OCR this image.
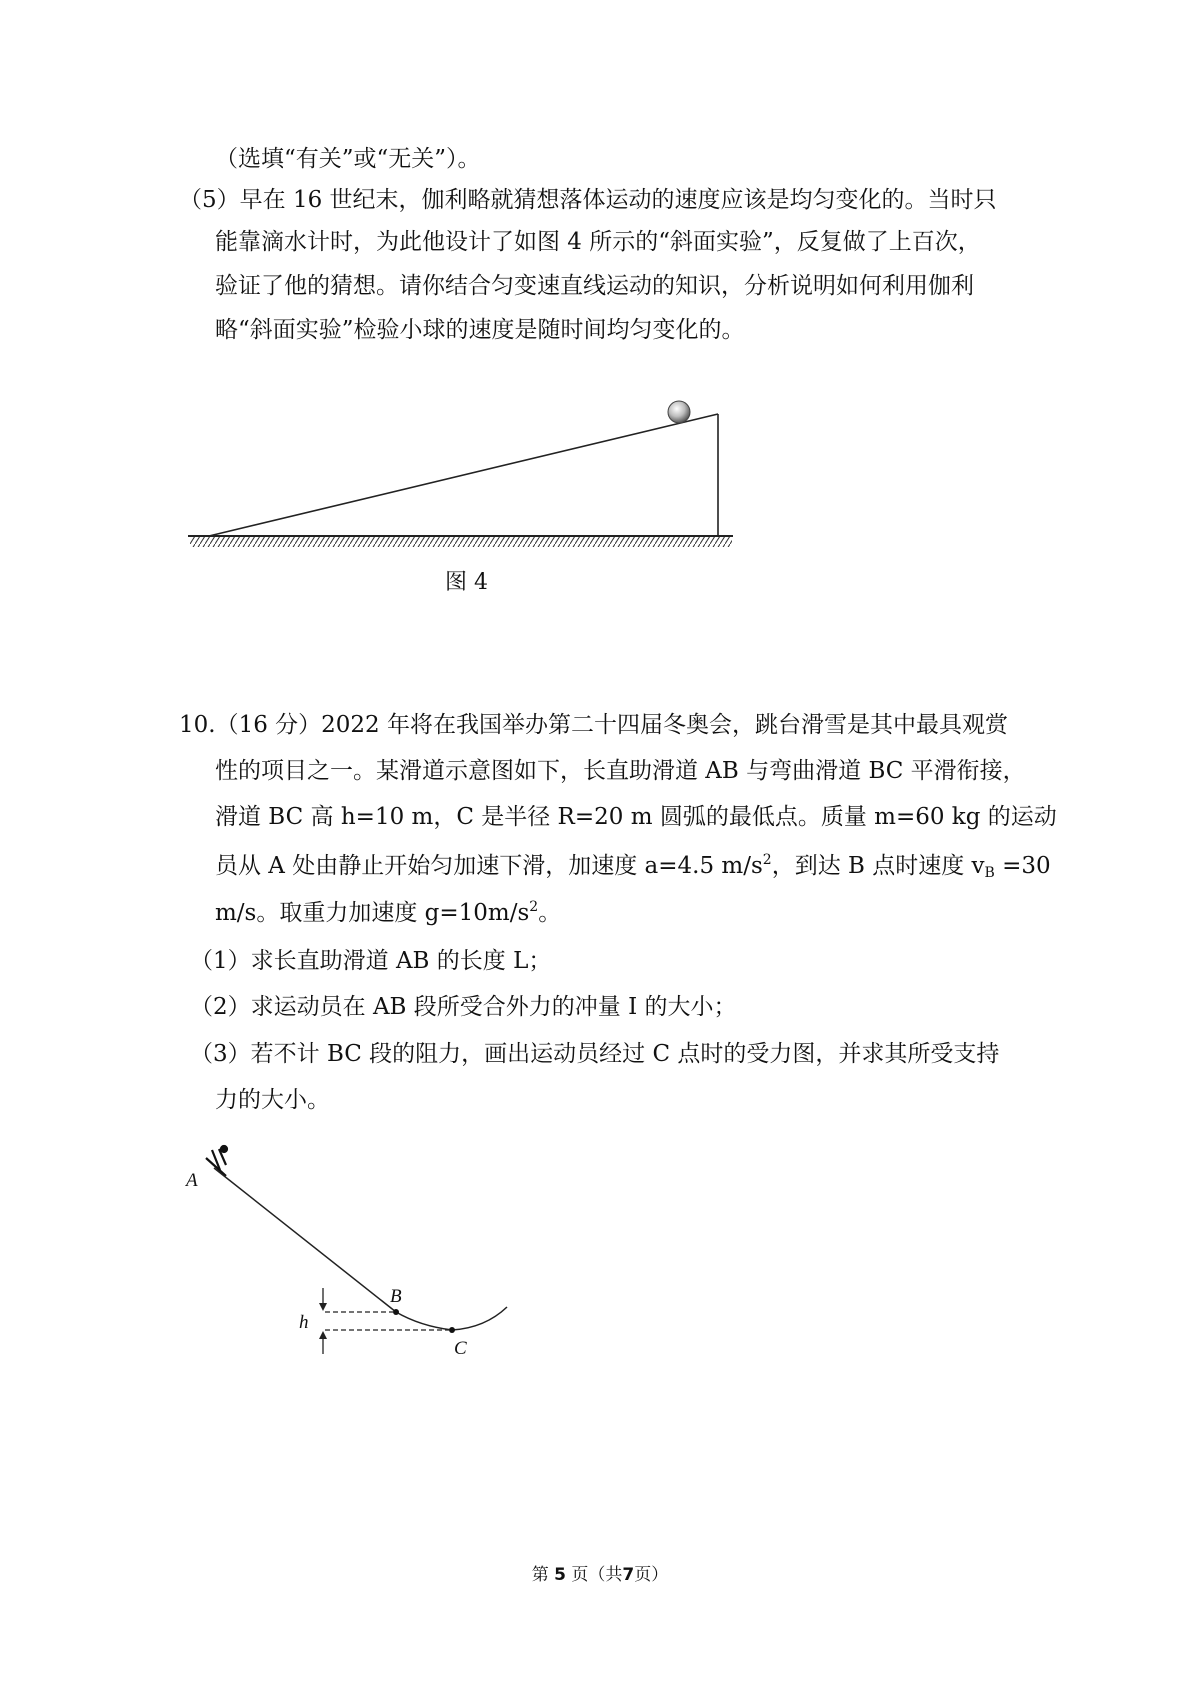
（选填“有关”或“无关”）。
（5）早在 16 世纪末，伽利略就猜想落体运动的速度应该是均匀变化的。当时只
能靠滴水计时，为此他设计了如图 4 所示的“斜面实验”，反复做了上百次，
验证了他的猜想。请你结合匀变速直线运动的知识，分析说明如何利用伽利
略“斜面实验”检验小球的速度是随时间均匀变化的。
图 4
10.（16 分）2022 年将在我国举办第二十四届冬奥会，跳台滑雪是其中最具观赏
性的项目之一。某滑道示意图如下，长直助滑道 AB 与弯曲滑道 BC 平滑衔接，
滑道 BC 高 h=10 m，C 是半径 R=20 m 圆弧的最低点。质量 m=60 kg 的运动
员从 A 处由静止开始匀加速下滑，加速度 a=4.5 $m/s^2$，到达 B 点时速度 $v_B =30$
m/s。取重力加速度 $g=10m/s^2$。
（1）求长直助滑道 AB 的长度 L；
（2）求运动员在 AB 段所受合外力的冲量 I 的大小；
（3）若不计 BC 段的阻力，画出运动员经过 C 点时的受力图，并求其所受支持
力的大小。
A
B
C
h
第 5 页（共7页）
